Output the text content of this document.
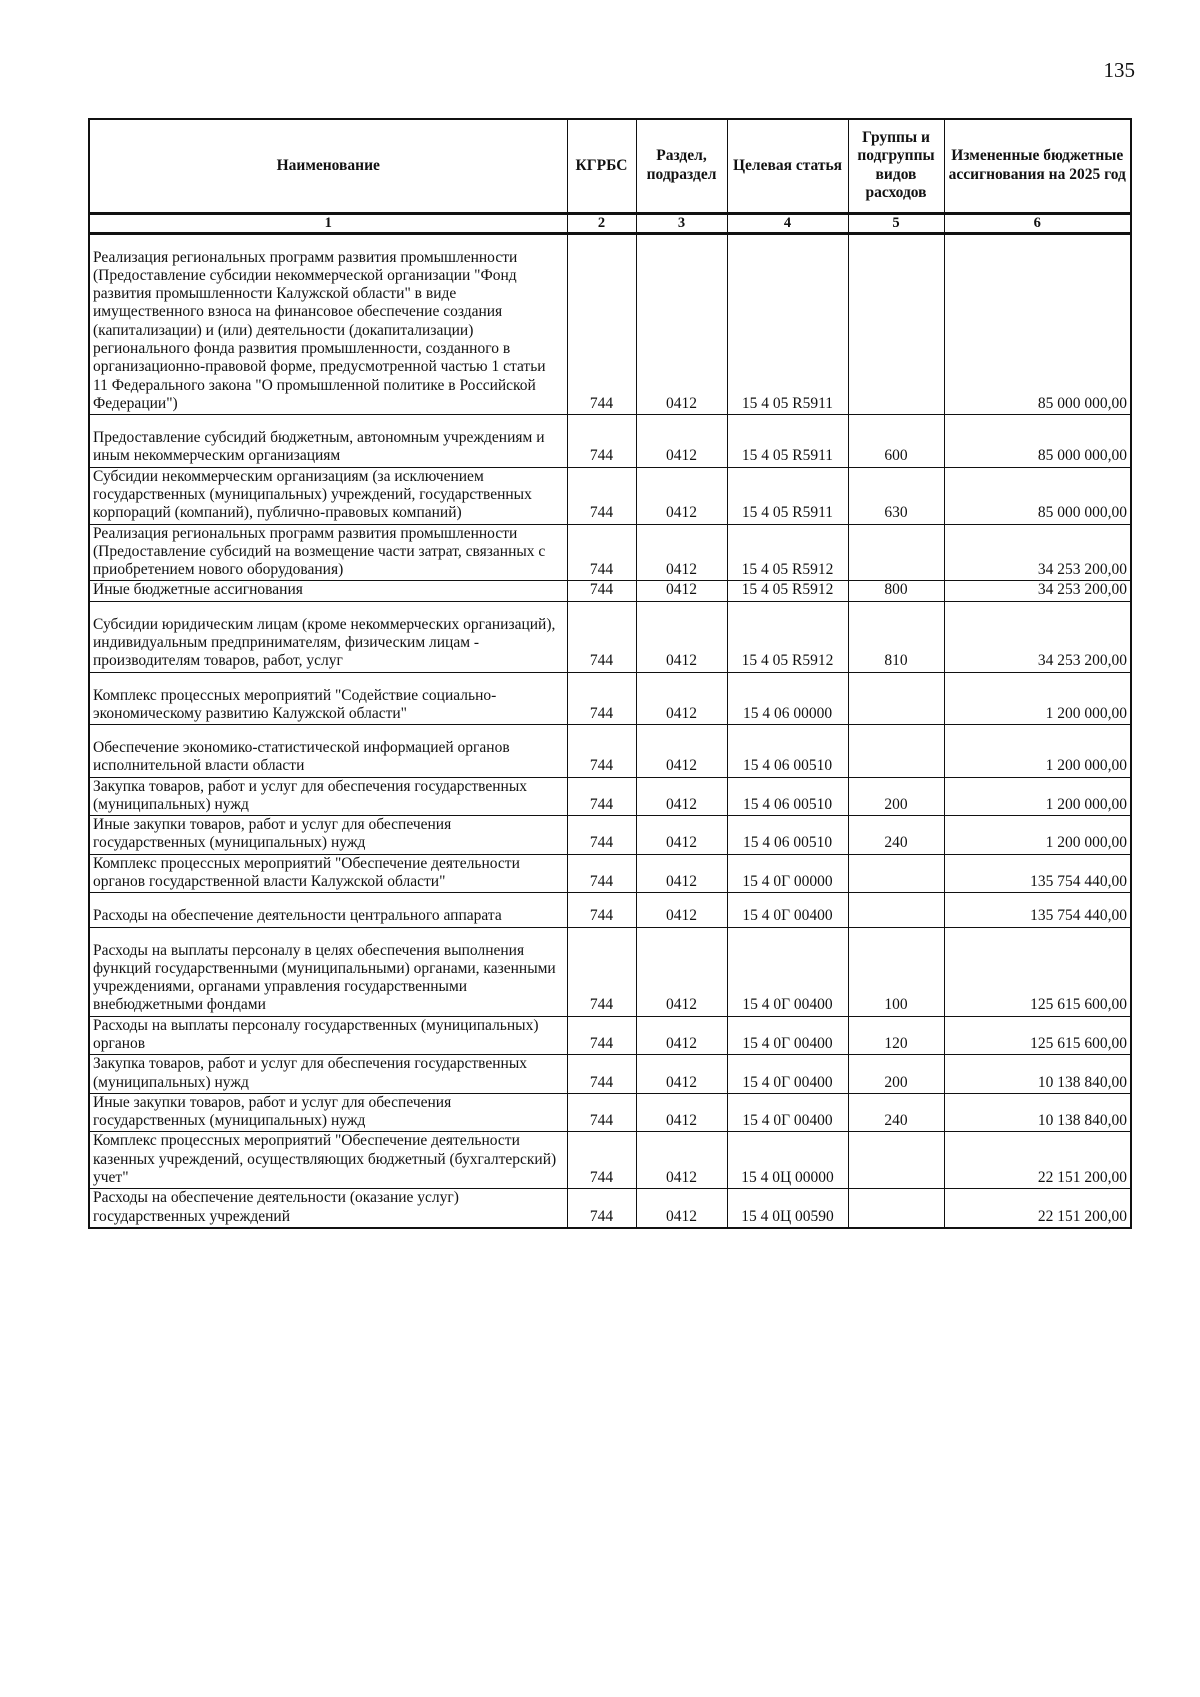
135
Наименование	КГРБС	Раздел, подраздел	Целевая статья	Группы и подгруппы видов расходов	Измененные бюджетные ассигнования на 2025 год
1	2	3	4	5	6
Реализация региональных программ развития промышленности (Предоставление субсидии некоммерческой организации "Фонд развития промышленности Калужской области" в виде имущественного взноса на финансовое обеспечение создания (капитализации) и (или) деятельности (докапитализации) регионального фонда развития промышленности, созданного в организационно-правовой форме, предусмотренной частью 1 статьи 11 Федерального закона "О промышленной политике в Российской Федерации")	744	0412	15 4 05 R5911		85 000 000,00
Предоставление субсидий бюджетным, автономным учреждениям и иным некоммерческим организациям	744	0412	15 4 05 R5911	600	85 000 000,00
Субсидии некоммерческим организациям (за исключением государственных (муниципальных) учреждений, государственных корпораций (компаний), публично-правовых компаний)	744	0412	15 4 05 R5911	630	85 000 000,00
Реализация региональных программ развития промышленности (Предоставление субсидий на возмещение части затрат, связанных с приобретением нового оборудования)	744	0412	15 4 05 R5912		34 253 200,00
Иные бюджетные ассигнования	744	0412	15 4 05 R5912	800	34 253 200,00
Субсидии юридическим лицам (кроме некоммерческих организаций), индивидуальным предпринимателям, физическим лицам - производителям товаров, работ, услуг	744	0412	15 4 05 R5912	810	34 253 200,00
Комплекс процессных мероприятий "Содействие социально-экономическому развитию Калужской области"	744	0412	15 4 06 00000		1 200 000,00
Обеспечение экономико-статистической информацией органов исполнительной власти области	744	0412	15 4 06 00510		1 200 000,00
Закупка товаров, работ и услуг для обеспечения государственных (муниципальных) нужд	744	0412	15 4 06 00510	200	1 200 000,00
Иные закупки товаров, работ и услуг для обеспечения государственных (муниципальных) нужд	744	0412	15 4 06 00510	240	1 200 000,00
Комплекс процессных мероприятий "Обеспечение деятельности органов государственной власти Калужской области"	744	0412	15 4 0Г 00000		135 754 440,00
Расходы на обеспечение деятельности центрального аппарата	744	0412	15 4 0Г 00400		135 754 440,00
Расходы на выплаты персоналу в целях обеспечения выполнения функций государственными (муниципальными) органами, казенными учреждениями, органами управления государственными внебюджетными фондами	744	0412	15 4 0Г 00400	100	125 615 600,00
Расходы на выплаты персоналу государственных (муниципальных) органов	744	0412	15 4 0Г 00400	120	125 615 600,00
Закупка товаров, работ и услуг для обеспечения государственных (муниципальных) нужд	744	0412	15 4 0Г 00400	200	10 138 840,00
Иные закупки товаров, работ и услуг для обеспечения государственных (муниципальных) нужд	744	0412	15 4 0Г 00400	240	10 138 840,00
Комплекс процессных мероприятий "Обеспечение деятельности казенных учреждений, осуществляющих бюджетный (бухгалтерский) учет"	744	0412	15 4 0Ц 00000		22 151 200,00
Расходы на обеспечение деятельности (оказание услуг) государственных учреждений	744	0412	15 4 0Ц 00590		22 151 200,00
